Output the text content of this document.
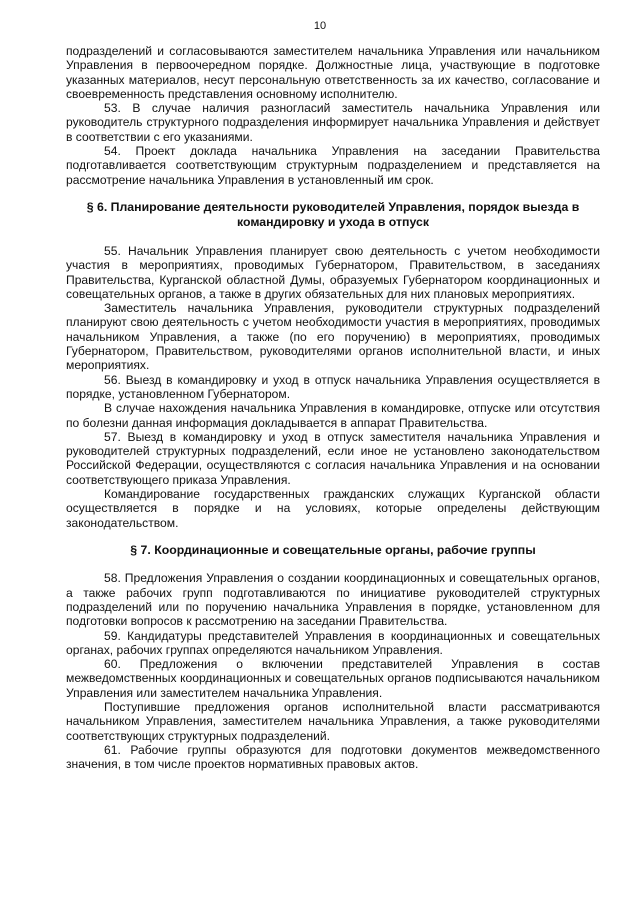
10

подразделений и согласовываются заместителем начальника Управления или начальником Управления в первоочередном порядке. Должностные лица, участвующие в подготовке указанных материалов, несут персональную ответственность за их качество, согласование и своевременность представления основному исполнителю.

53. В случае наличия разногласий заместитель начальника Управления или руководитель структурного подразделения информирует начальника Управления и действует в соответствии с его указаниями.

54. Проект доклада начальника Управления на заседании Правительства подготавливается соответствующим структурным подразделением и представляется на рассмотрение начальника Управления в установленный им срок.

§ 6. Планирование деятельности руководителей Управления, порядок выезда в командировку и ухода в отпуск

55. Начальник Управления планирует свою деятельность с учетом необходимости участия в мероприятиях, проводимых Губернатором, Правительством, в заседаниях Правительства, Курганской областной Думы, образуемых Губернатором координационных и совещательных органов, а также в других обязательных для них плановых мероприятиях.

Заместитель начальника Управления, руководители структурных подразделений планируют свою деятельность с учетом необходимости участия в мероприятиях, проводимых начальником Управления, а также (по его поручению) в мероприятиях, проводимых Губернатором, Правительством, руководителями органов исполнительной власти, и иных мероприятиях.

56. Выезд в командировку и уход в отпуск начальника Управления осуществляется в порядке, установленном Губернатором.

В случае нахождения начальника Управления в командировке, отпуске или отсутствия по болезни данная информация докладывается в аппарат Правительства.

57. Выезд в командировку и уход в отпуск заместителя начальника Управления и руководителей структурных подразделений, если иное не установлено законодательством Российской Федерации, осуществляются с согласия начальника Управления и на основании соответствующего приказа Управления.

Командирование государственных гражданских служащих Курганской области осуществляется в порядке и на условиях, которые определены действующим законодательством.

§ 7. Координационные и совещательные органы, рабочие группы

58. Предложения Управления о создании координационных и совещательных органов, а также рабочих групп подготавливаются по инициативе руководителей структурных подразделений или по поручению начальника Управления в порядке, установленном для подготовки вопросов к рассмотрению на заседании Правительства.

59. Кандидатуры представителей Управления в координационных и совещательных органах, рабочих группах определяются начальником Управления.

60. Предложения о включении представителей Управления в состав межведомственных координационных и совещательных органов подписываются начальником Управления или заместителем начальника Управления.

Поступившие предложения органов исполнительной власти рассматриваются начальником Управления, заместителем начальника Управления, а также руководителями соответствующих структурных подразделений.

61. Рабочие группы образуются для подготовки документов межведомственного значения, в том числе проектов нормативных правовых актов.
